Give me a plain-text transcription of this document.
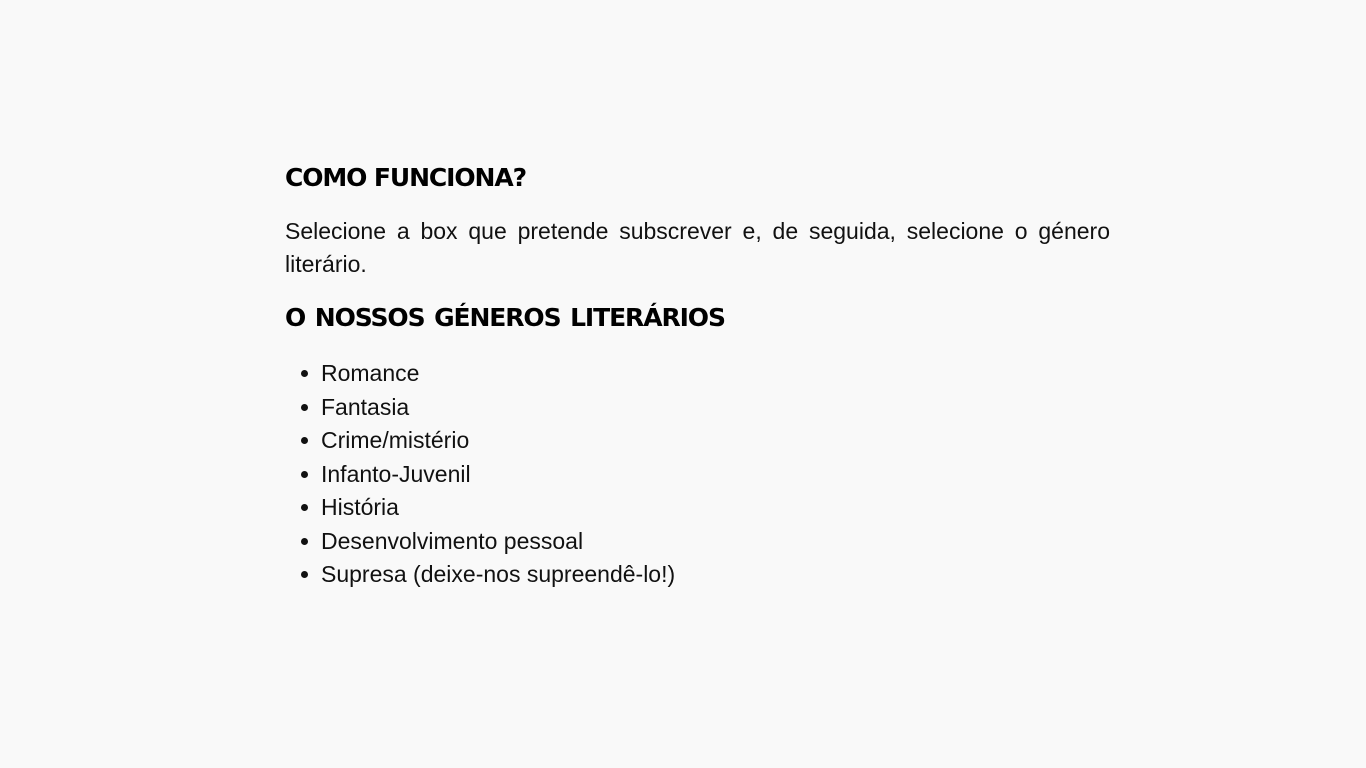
COMO FUNCIONA?

Selecione a box que pretende subscrever e, de seguida, selecione o género literário.

O NOSSOS GÉNEROS LITERÁRIOS
Romance
Fantasia
Crime/mistério
Infanto-Juvenil
História
Desenvolvimento pessoal
Supresa (deixe-nos supreendê-lo!)
